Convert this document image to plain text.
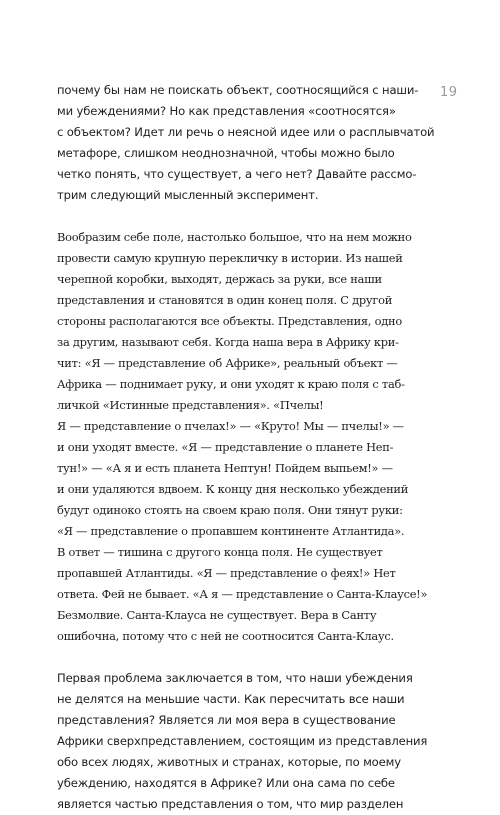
19

почему бы нам не поискать объект, соотносящийся с наши-
ми убеждениями? Но как представления «соотносятся»
с объектом? Идет ли речь о неясной идее или о расплывчатой
метафоре, слишком неоднозначной, чтобы можно было
четко понять, что существует, а чего нет? Давайте рассмо-
трим следующий мысленный эксперимент.

Вообразим себе поле, настолько большое, что на нем можно
провести самую крупную перекличку в истории. Из нашей
черепной коробки, выходят, держась за руки, все наши
представления и становятся в один конец поля. С другой
стороны располагаются все объекты. Представления, одно
за другим, называют себя. Когда наша вера в Африку кри-
чит: «Я — представление об Африке», реальный объект —
Африка — поднимает руку, и они уходят к краю поля с таб-
личкой «Истинные представления». «Пчелы!
Я — представление о пчелах!» — «Круто! Мы — пчелы!» —
и они уходят вместе. «Я — представление о планете Неп-
тун!» — «А я и есть планета Нептун! Пойдем выпьем!» —
и они удаляются вдвоем. К концу дня несколько убеждений
будут одиноко стоять на своем краю поля. Они тянут руки:
«Я — представление о пропавшем континенте Атлантида».
В ответ — тишина с другого конца поля. Не существует
пропавшей Атлантиды. «Я — представление о феях!» Нет
ответа. Фей не бывает. «А я — представление о Санта-Клаусе!»
Безмолвие. Санта-Клауса не существует. Вера в Санту
ошибочна, потому что с ней не соотносится Санта-Клаус.

Первая проблема заключается в том, что наши убеждения
не делятся на меньшие части. Как пересчитать все наши
представления? Является ли моя вера в существование
Африки сверхпредставлением, состоящим из представления
обо всех людях, животных и странах, которые, по моему
убеждению, находятся в Африке? Или она сама по себе
является частью представления о том, что мир разделен
